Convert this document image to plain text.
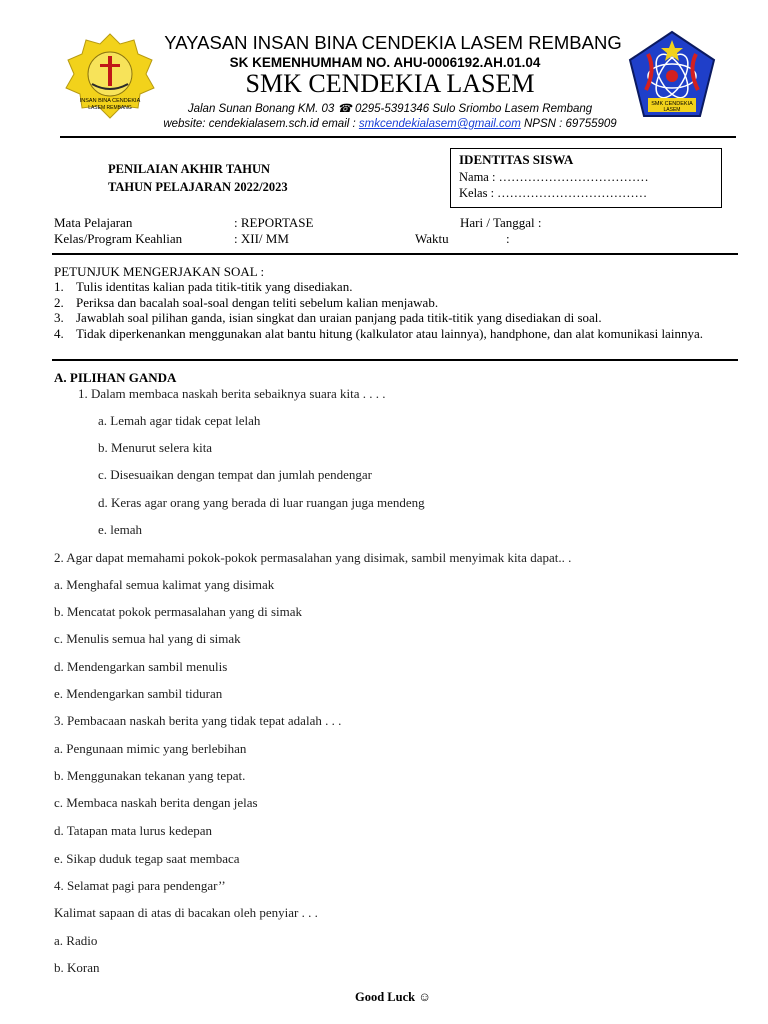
INSAN BINA CENDEKIA
LASEM REMBANG
SMK CENDEKIA
LASEM
YAYASAN INSAN BINA CENDEKIA LASEM REMBANG
SK KEMENHUMHAM NO. AHU-0006192.AH.01.04
SMK CENDEKIA LASEM
Jalan Sunan Bonang KM. 03 ☎ 0295-5391346 Sulo Sriombo Lasem Rembang
website: cendekialasem.sch.id email : smkcendekialasem@gmail.com NPSN : 69755909
PENILAIAN AKHIR TAHUN
TAHUN PELAJARAN 2022/2023
IDENTITAS SISWA
Nama : ………………………………
Kelas : ………………………………
Mata Pelajaran	: REPORTASE	Hari / Tanggal :
Kelas/Program Keahlian	: XII/ MM	Waktu	:
PETUNJUK MENGERJAKAN SOAL :
1. Tulis identitas kalian pada titik-titik yang disediakan.
2. Periksa dan bacalah soal-soal dengan teliti sebelum kalian menjawab.
3. Jawablah soal pilihan ganda, isian singkat dan uraian panjang pada titik-titik yang disediakan di soal.
4. Tidak diperkenankan menggunakan alat bantu hitung (kalkulator atau lainnya), handphone, dan alat komunikasi lainnya.
A. PILIHAN GANDA
1. Dalam membaca naskah berita sebaiknya suara kita . . . .
a. Lemah agar tidak cepat lelah
b. Menurut selera kita
c. Disesuaikan dengan tempat dan jumlah pendengar
d. Keras agar orang yang berada di luar ruangan juga mendeng
e. lemah
2. Agar dapat memahami pokok-pokok permasalahan yang disimak, sambil menyimak kita dapat.. .
a. Menghafal semua kalimat yang disimak
b. Mencatat pokok permasalahan yang di simak
c. Menulis semua hal yang di simak
d. Mendengarkan sambil menulis
e. Mendengarkan sambil tiduran
3. Pembacaan naskah berita yang tidak tepat adalah . . .
a. Pengunaan mimic yang berlebihan
b. Menggunakan tekanan yang tepat.
c. Membaca naskah berita dengan jelas
d. Tatapan mata lurus kedepan
e. Sikap duduk tegap saat membaca
4. Selamat pagi para pendengar’’
Kalimat sapaan di atas di bacakan oleh penyiar . . .
a. Radio
b. Koran
Good Luck ☺
